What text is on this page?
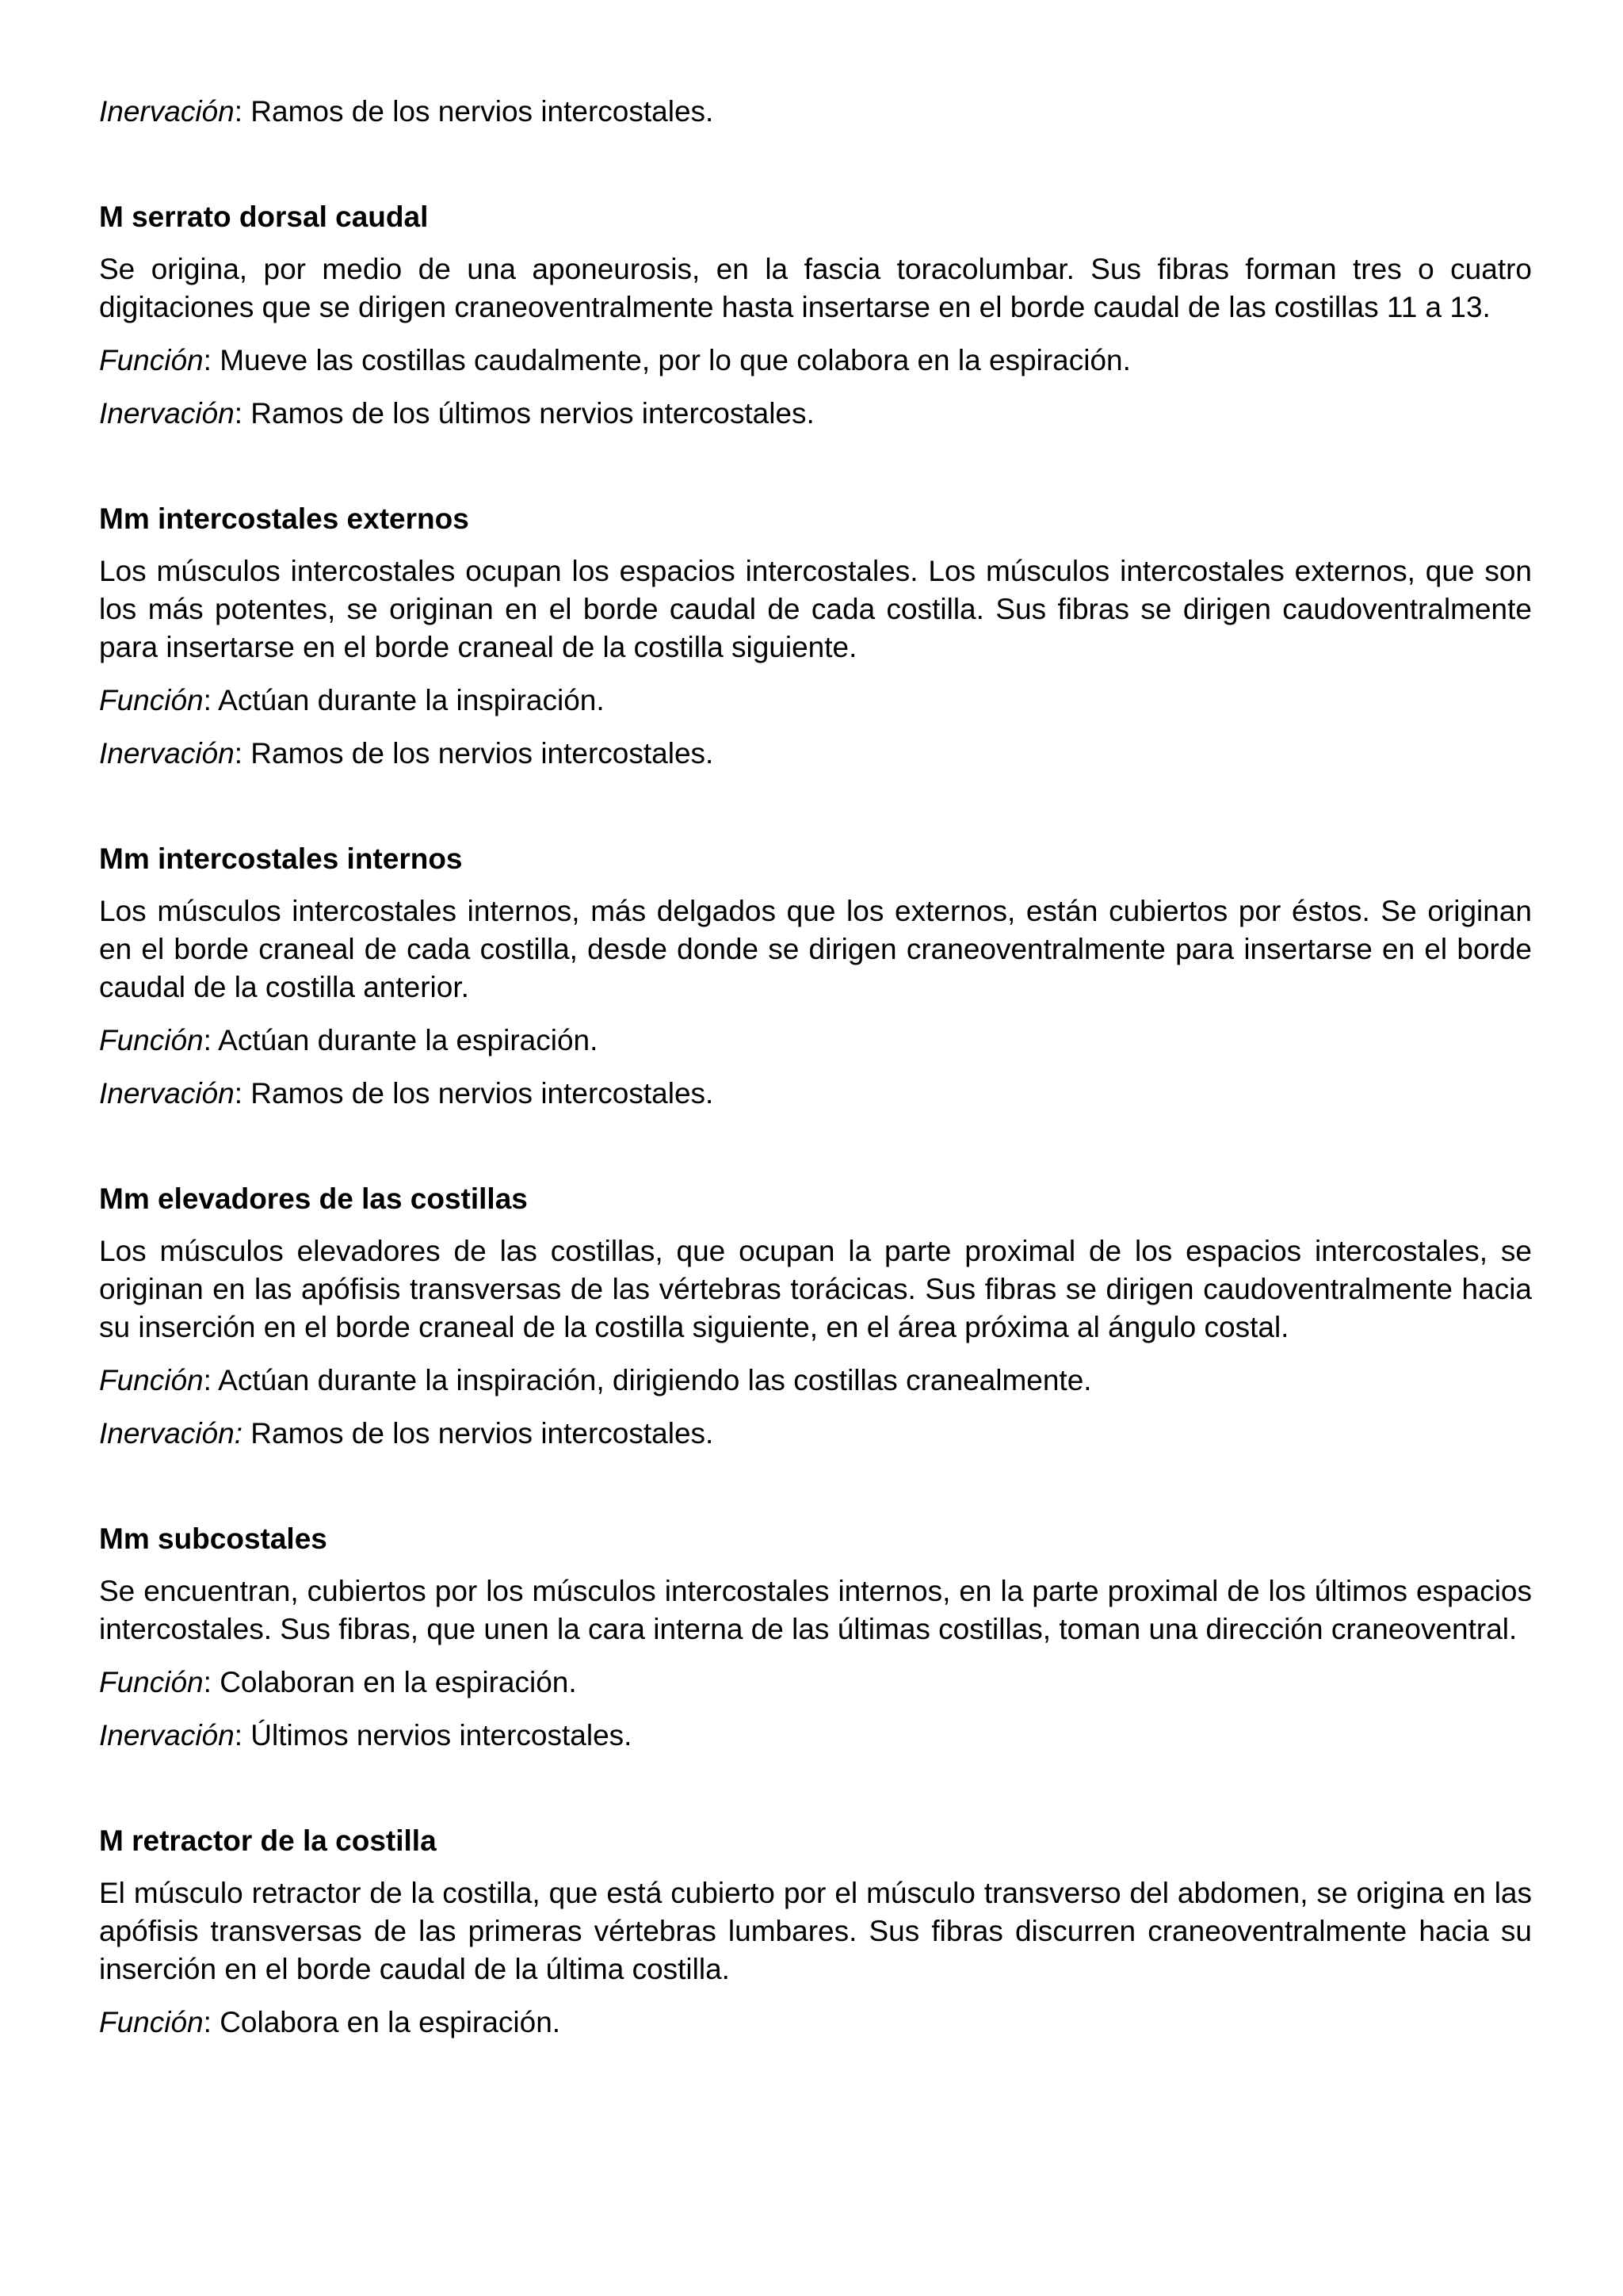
Inervación: Ramos de los nervios intercostales.

M serrato dorsal caudal

Se origina, por medio de una aponeurosis, en la fascia toracolumbar. Sus fibras forman tres o cuatro digitaciones que se dirigen craneoventralmente hasta insertarse en el borde caudal de las costillas 11 a 13.

Función: Mueve las costillas caudalmente, por lo que colabora en la espiración.

Inervación: Ramos de los últimos nervios intercostales.

Mm intercostales externos

Los músculos intercostales ocupan los espacios intercostales. Los músculos intercostales externos, que son los más potentes, se originan en el borde caudal de cada costilla. Sus fibras se dirigen caudoventralmente para insertarse en el borde craneal de la costilla siguiente.

Función: Actúan durante la inspiración.

Inervación: Ramos de los nervios intercostales.

Mm intercostales internos

Los músculos intercostales internos, más delgados que los externos, están cubiertos por éstos. Se originan en el borde craneal de cada costilla, desde donde se dirigen craneoventralmente para insertarse en el borde caudal de la costilla anterior.

Función: Actúan durante la espiración.

Inervación: Ramos de los nervios intercostales.

Mm elevadores de las costillas

Los músculos elevadores de las costillas, que ocupan la parte proximal de los espacios intercostales, se originan en las apófisis transversas de las vértebras torácicas. Sus fibras se dirigen caudoventralmente hacia su inserción en el borde craneal de la costilla siguiente, en el área próxima al ángulo costal.

Función: Actúan durante la inspiración, dirigiendo las costillas cranealmente.

Inervación: Ramos de los nervios intercostales.

Mm subcostales

Se encuentran, cubiertos por los músculos intercostales internos, en la parte proximal de los últimos espacios intercostales. Sus fibras, que unen la cara interna de las últimas costillas, toman una dirección craneoventral.

Función: Colaboran en la espiración.

Inervación: Últimos nervios intercostales.

M retractor de la costilla

El músculo retractor de la costilla, que está cubierto por el músculo transverso del abdomen, se origina en las apófisis transversas de las primeras vértebras lumbares. Sus fibras discurren craneoventralmente hacia su inserción en el borde caudal de la última costilla.

Función: Colabora en la espiración.
